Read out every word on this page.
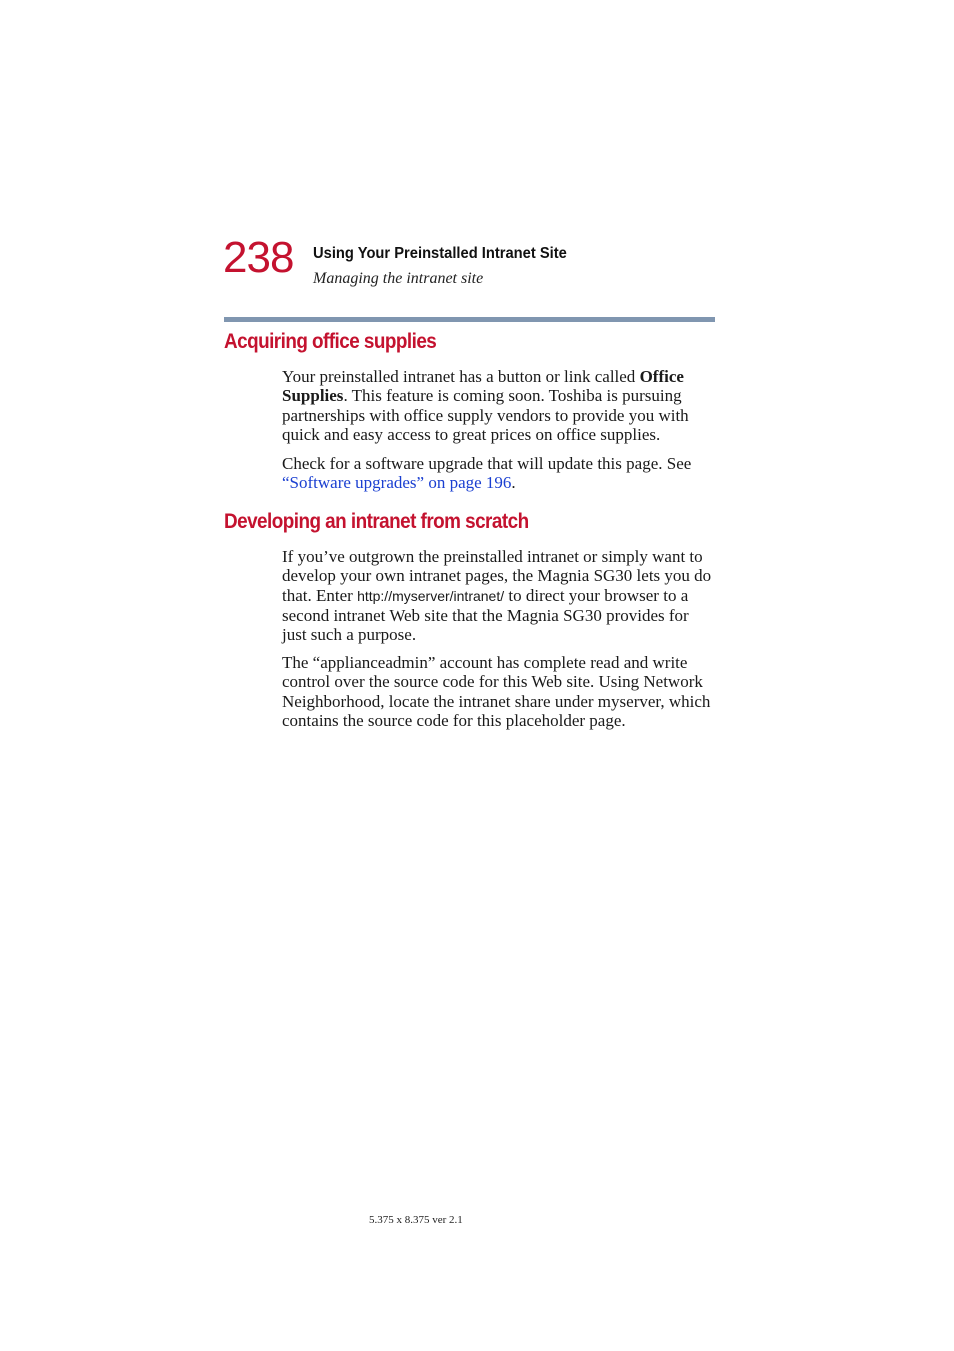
238 Using Your Preinstalled Intranet Site
Managing the intranet site
Acquiring office supplies
Your preinstalled intranet has a button or link called Office Supplies. This feature is coming soon. Toshiba is pursuing partnerships with office supply vendors to provide you with quick and easy access to great prices on office supplies.
Check for a software upgrade that will update this page. See “Software upgrades” on page 196.
Developing an intranet from scratch
If you’ve outgrown the preinstalled intranet or simply want to develop your own intranet pages, the Magnia SG30 lets you do that. Enter http://myserver/intranet/ to direct your browser to a second intranet Web site that the Magnia SG30 provides for just such a purpose.
The “applianceadmin” account has complete read and write control over the source code for this Web site. Using Network Neighborhood, locate the intranet share under myserver, which contains the source code for this placeholder page.
5.375 x 8.375 ver 2.1
